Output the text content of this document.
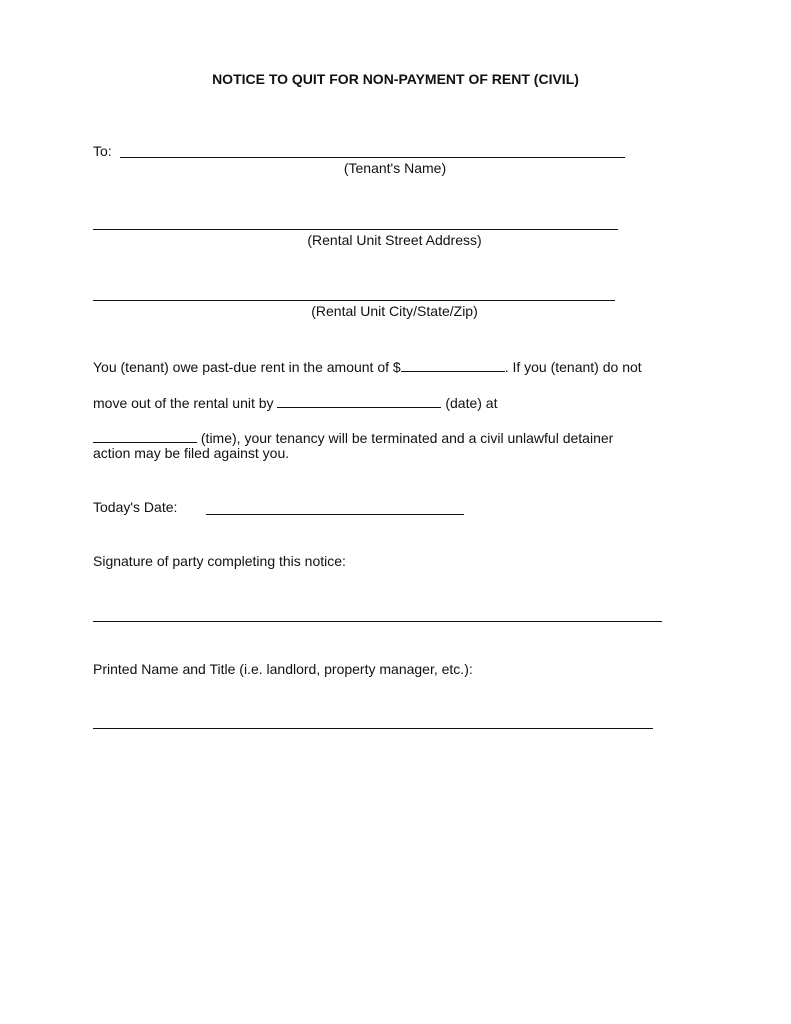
NOTICE TO QUIT FOR NON-PAYMENT OF RENT (CIVIL)
To:
(Tenant's Name)
(Rental Unit Street Address)
(Rental Unit City/State/Zip)
You (tenant) owe past-due rent in the amount of $	. If you (tenant) do not
move out of the rental unit by	(date) at
(time), your tenancy will be terminated and a civil unlawful detainer
action may be filed against you.
Today's Date:
Signature of party completing this notice:
Printed Name and Title (i.e. landlord, property manager, etc.):
